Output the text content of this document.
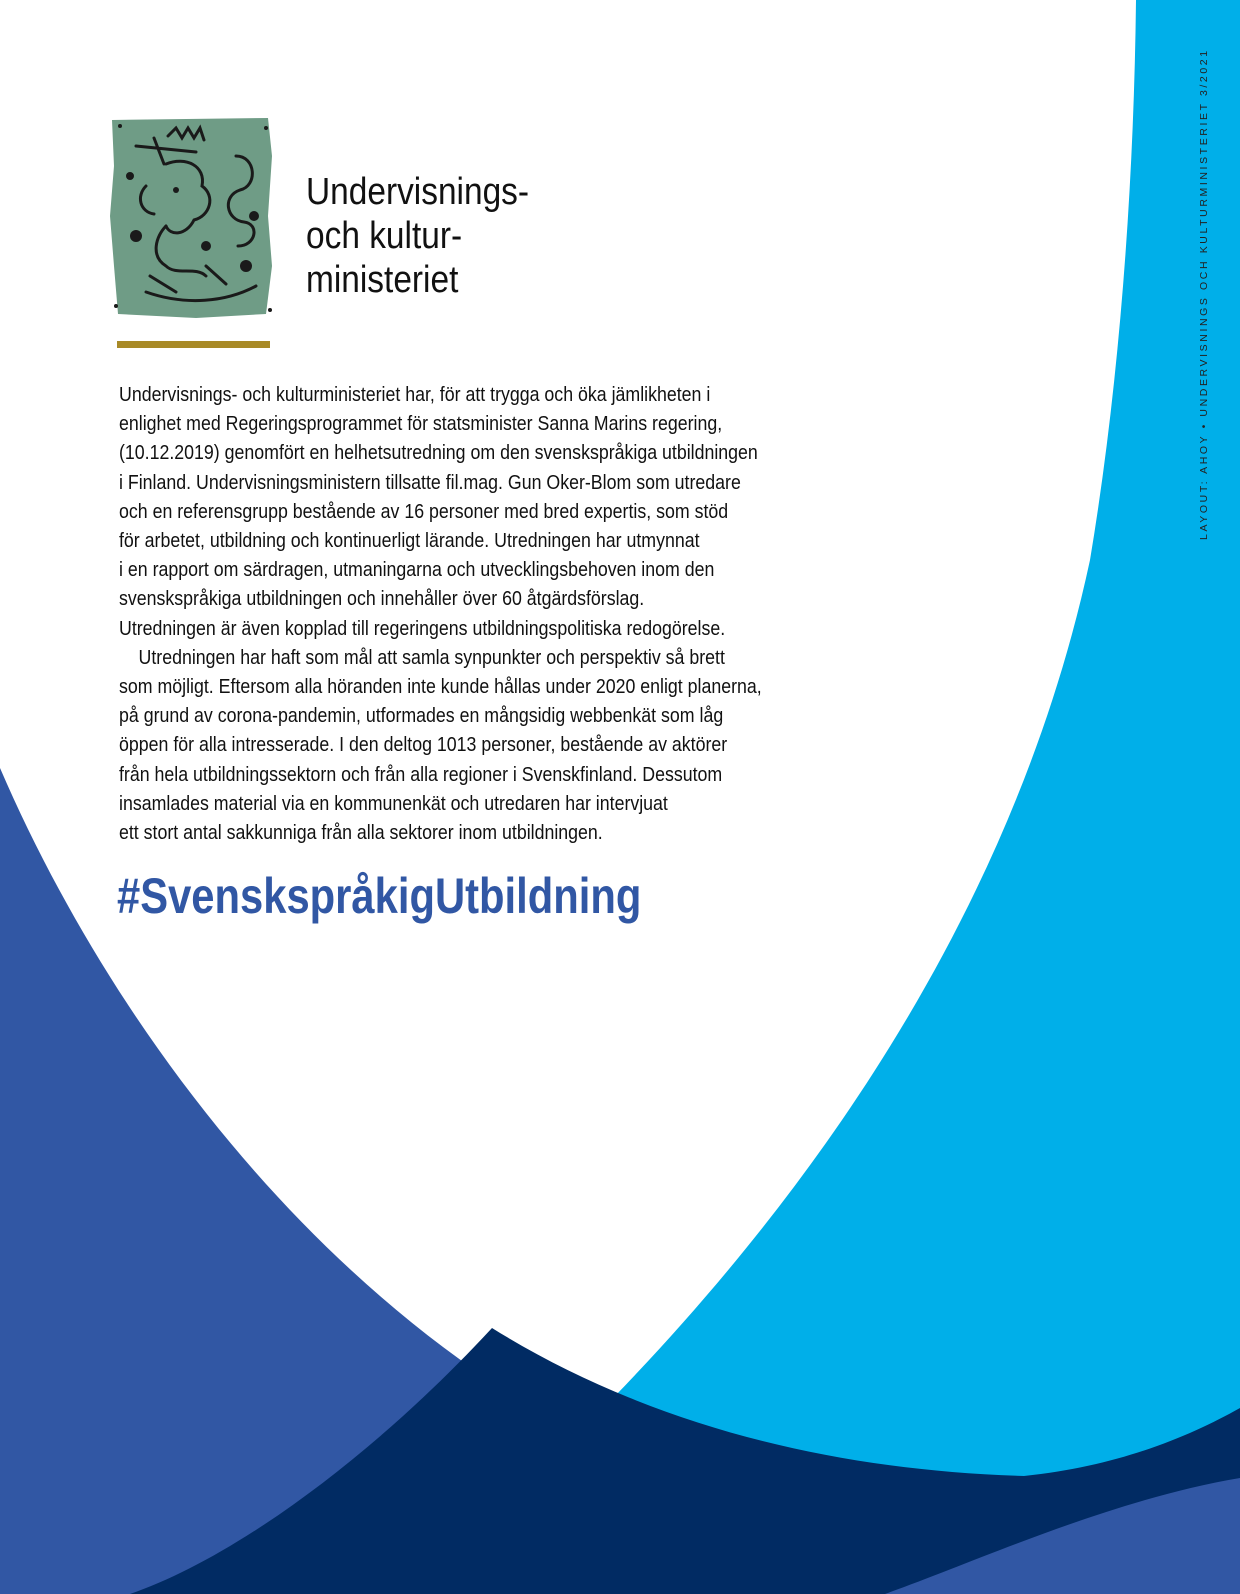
Undervisnings-
och kultur-
ministeriet
Undervisnings- och kulturministeriet har, för att trygga och öka jämlikheten i
enlighet med Regeringsprogrammet för statsminister Sanna Marins regering,
(10.12.2019) genomfört en helhetsutredning om den svenskspråkiga utbildningen
i Finland. Undervisningsministern tillsatte fil.mag. Gun Oker-Blom som utredare
och en referensgrupp bestående av 16 personer med bred expertis, som stöd
för arbetet, utbildning och kontinuerligt lärande. Utredningen har utmynnat
i en rapport om särdragen, utmaningarna och utvecklingsbehoven inom den
svenskspråkiga utbildningen och innehåller över 60 åtgärdsförslag.
Utredningen är även kopplad till regeringens utbildningspolitiska redogörelse.
Utredningen har haft som mål att samla synpunkter och perspektiv så brett
som möjligt. Eftersom alla höranden inte kunde hållas under 2020 enligt planerna,
på grund av corona-pandemin, utformades en mångsidig webbenkät som låg
öppen för alla intresserade. I den deltog 1013 personer, bestående av aktörer
från hela utbildningssektorn och från alla regioner i Svenskfinland. Dessutom
insamlades material via en kommunenkät och utredaren har intervjuat
ett stort antal sakkunniga från alla sektorer inom utbildningen.
#SvenskspråkigUtbildning
LAYOUT: AHOY • UNDERVISNINGS OCH KULTURMINISTERIET 3/2021
